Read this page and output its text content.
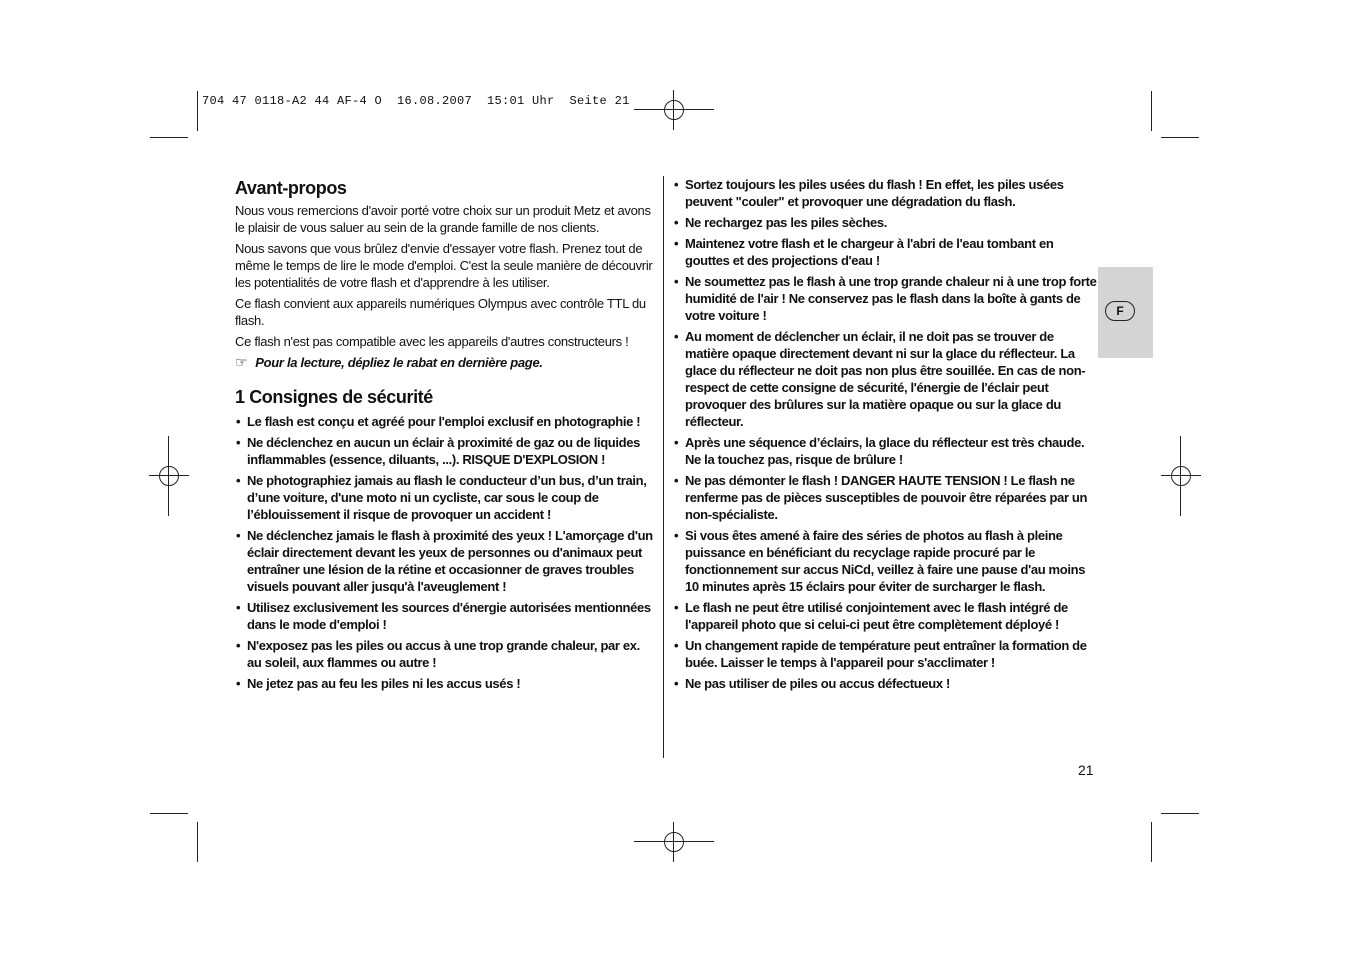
704 47 0118-A2 44 AF-4 O  16.08.2007  15:01 Uhr  Seite 21
Avant-propos

Nous vous remercions d'avoir porté votre choix sur un produit Metz et avons le plaisir de vous saluer au sein de la grande famille de nos clients.

Nous savons que vous brûlez d'envie d'essayer votre flash. Prenez tout de même le temps de lire le mode d'emploi. C'est la seule manière de découvrir les potentialités de votre flash et d'apprendre à les utiliser.

Ce flash convient aux appareils numériques Olympus avec contrôle TTL du flash.

Ce flash n'est pas compatible avec les appareils d'autres constructeurs !

☞ Pour la lecture, dépliez le rabat en dernière page.

1 Consignes de sécurité
• Le flash est conçu et agréé pour l'emploi exclusif en photographie !
• Ne déclenchez en aucun un éclair à proximité de gaz ou de liquides inflammables (essence, diluants, ...). RISQUE D'EXPLOSION !
• Ne photographiez jamais au flash le conducteur d’un bus, d’un train, d’une voiture, d'une moto ni un cycliste, car sous le coup de l’éblouissement il risque de provoquer un accident !
• Ne déclenchez jamais le flash à proximité des yeux ! L'amorçage d'un éclair directement devant les yeux de personnes ou d'animaux peut entraîner une lésion de la rétine et occasionner de graves troubles visuels pouvant aller jusqu'à l'aveuglement !
• Utilisez exclusivement les sources d'énergie autorisées mentionnées dans le mode d'emploi !
• N'exposez pas les piles ou accus à une trop grande chaleur, par ex. au soleil, aux flammes ou autre !
• Ne jetez pas au feu les piles ni les accus usés !
• Sortez toujours les piles usées du flash ! En effet, les piles usées peuvent "couler" et provoquer une dégradation du flash.
• Ne rechargez pas les piles sèches.
• Maintenez votre flash et le chargeur à l'abri de l'eau tombant en gouttes et des projections d'eau !
• Ne soumettez pas le flash à une trop grande chaleur ni à une trop forte humidité de l'air ! Ne conservez pas le flash dans la boîte à gants de votre voiture !
• Au moment de déclencher un éclair, il ne doit pas se trouver de matière opaque directement devant ni sur la glace du réflecteur. La glace du réflecteur ne doit pas non plus être souillée. En cas de non-respect de cette consigne de sécurité, l'énergie de l'éclair peut provoquer des brûlures sur la matière opaque ou sur la glace du réflecteur.
• Après une séquence d’éclairs, la glace du réflecteur est très chaude. Ne la touchez pas, risque de brûlure !
• Ne pas démonter le flash ! DANGER HAUTE TENSION ! Le flash ne renferme pas de pièces susceptibles de pouvoir être réparées par un non-spécialiste.
• Si vous êtes amené à faire des séries de photos au flash à pleine puissance en bénéficiant du recyclage rapide procuré par le fonctionnement sur accus NiCd, veillez à faire une pause d'au moins 10 minutes après 15 éclairs pour éviter de surcharger le flash.
• Le flash ne peut être utilisé conjointement avec le flash intégré de l'appareil photo que si celui-ci peut être complètement déployé !
• Un changement rapide de température peut entraîner la formation de buée. Laisser le temps à l'appareil pour s'acclimater !
• Ne pas utiliser de piles ou accus défectueux !
F
21
